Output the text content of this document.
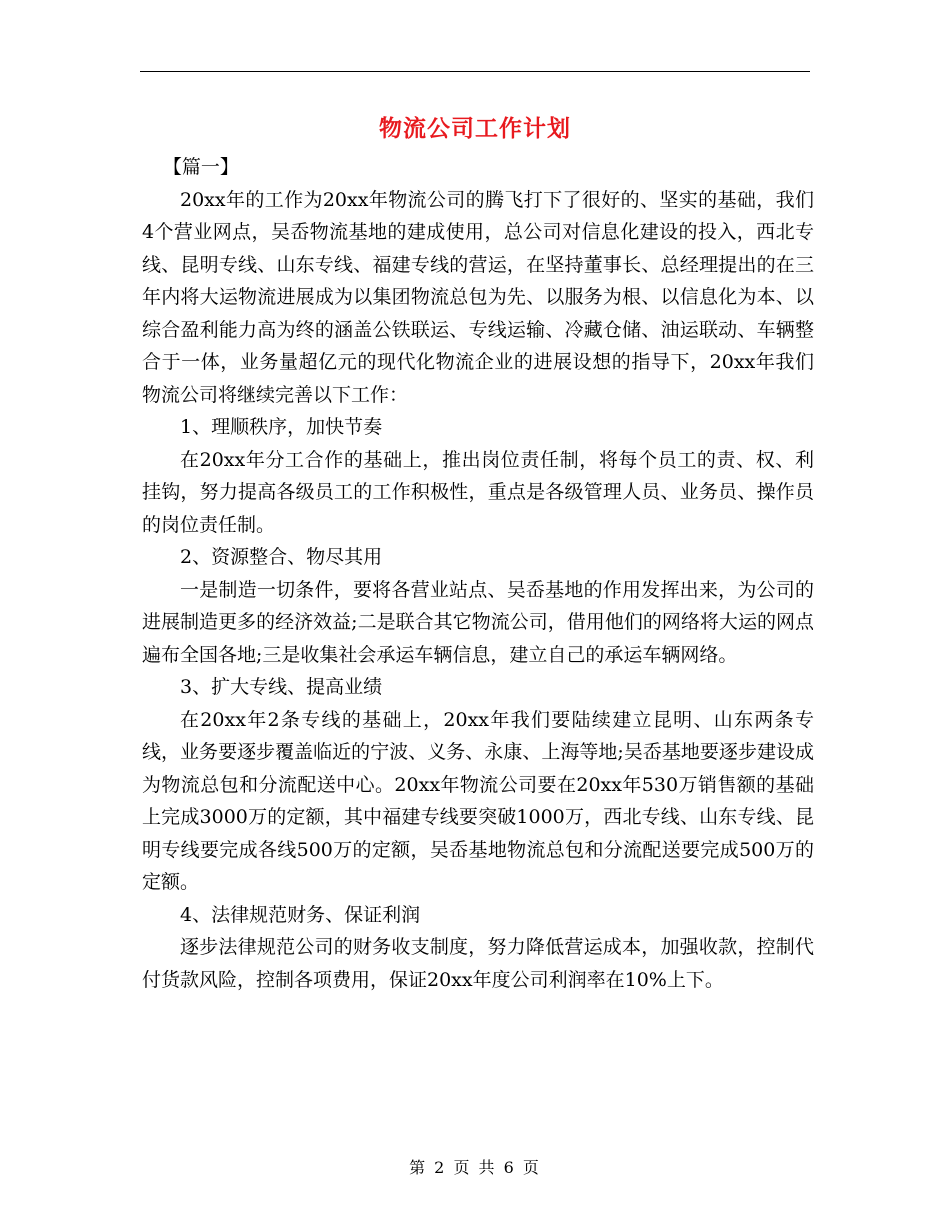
物流公司工作计划

【篇一】

20xx年的工作为20xx年物流公司的腾飞打下了很好的、坚实的基础，我们4个营业网点，吴岙物流基地的建成使用，总公司对信息化建设的投入，西北专线、昆明专线、山东专线、福建专线的营运，在坚持董事长、总经理提出的在三年内将大运物流进展成为以集团物流总包为先、以服务为根、以信息化为本、以综合盈利能力高为终的涵盖公铁联运、专线运输、冷藏仓储、油运联动、车辆整合于一体，业务量超亿元的现代化物流企业的进展设想的指导下，20xx年我们物流公司将继续完善以下工作：

1、理顺秩序，加快节奏

在20xx年分工合作的基础上，推出岗位责任制，将每个员工的责、权、利挂钩，努力提高各级员工的工作积极性，重点是各级管理人员、业务员、操作员的岗位责任制。

2、资源整合、物尽其用

一是制造一切条件，要将各营业站点、吴岙基地的作用发挥出来，为公司的进展制造更多的经济效益;二是联合其它物流公司，借用他们的网络将大运的网点遍布全国各地;三是收集社会承运车辆信息，建立自己的承运车辆网络。

3、扩大专线、提高业绩

在20xx年2条专线的基础上，20xx年我们要陆续建立昆明、山东两条专线，业务要逐步覆盖临近的宁波、义务、永康、上海等地;吴岙基地要逐步建设成为物流总包和分流配送中心。20xx年物流公司要在20xx年530万销售额的基础上完成3000万的定额，其中福建专线要突破1000万，西北专线、山东专线、昆明专线要完成各线500万的定额，吴岙基地物流总包和分流配送要完成500万的定额。

4、法律规范财务、保证利润

逐步法律规范公司的财务收支制度，努力降低营运成本，加强收款，控制代付货款风险，控制各项费用，保证20xx年度公司利润率在10%上下。

第 2 页 共 6 页
